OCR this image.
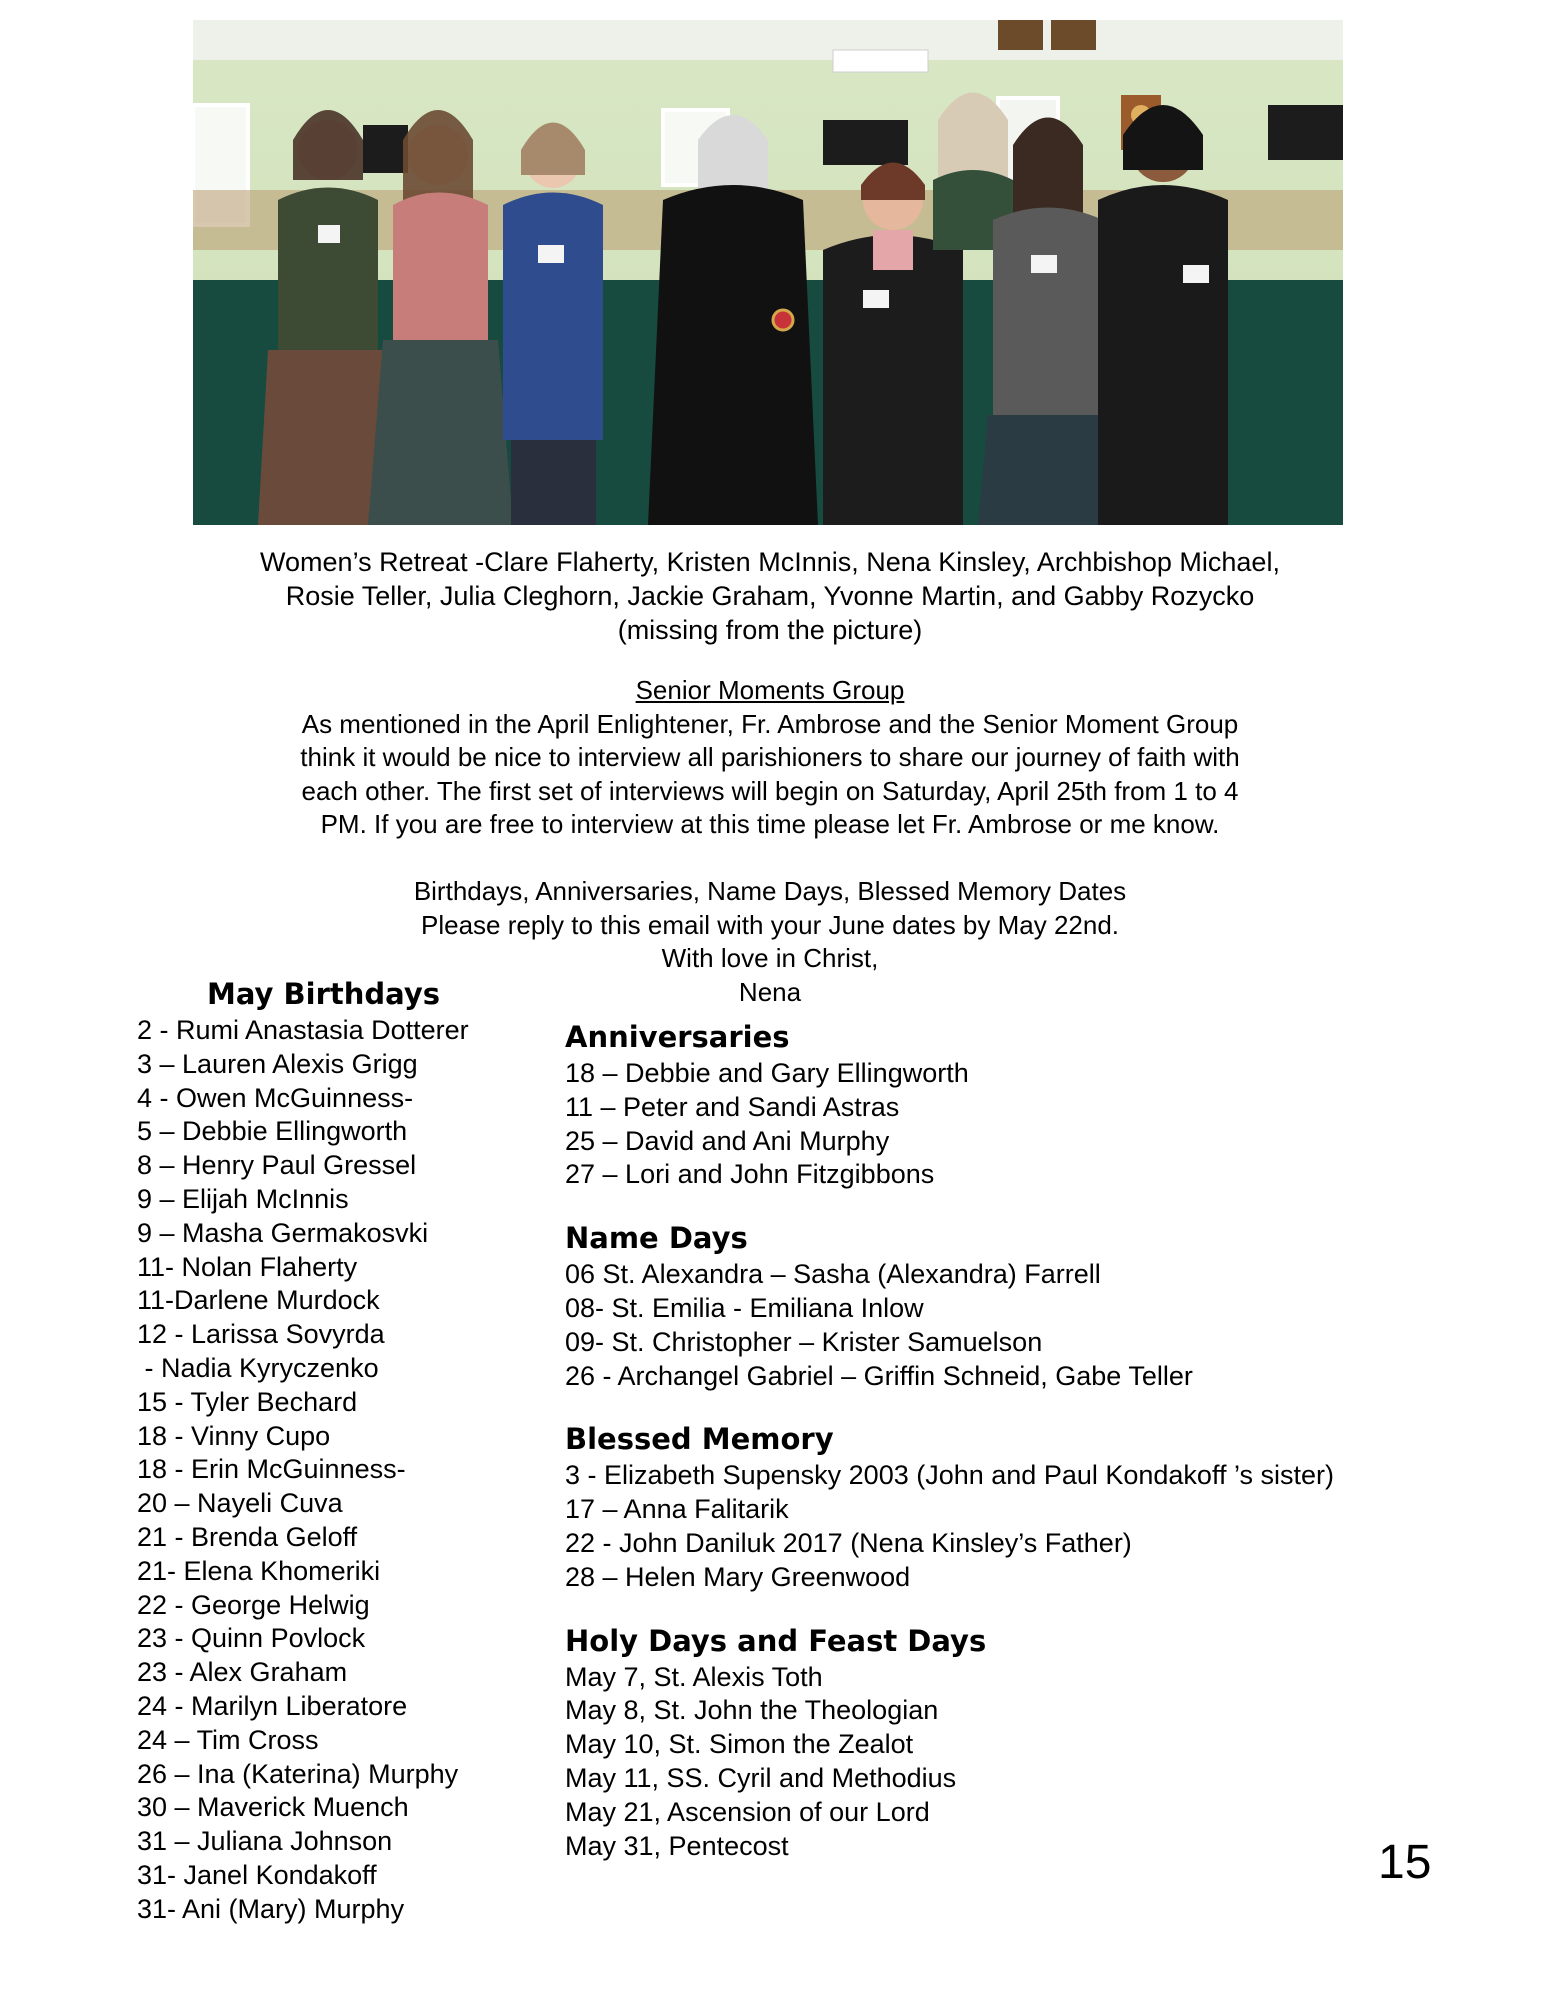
Women’s Retreat -Clare Flaherty, Kristen McInnis, Nena Kinsley, Archbishop Michael,
Rosie Teller, Julia Cleghorn, Jackie Graham, Yvonne Martin, and Gabby Rozycko
(missing from the picture)
Senior Moments Group
As mentioned in the April Enlightener, Fr. Ambrose and the Senior Moment Group
think it would be nice to interview all parishioners to share our journey of faith with
each other. The first set of interviews will begin on Saturday, April 25th from 1 to 4
PM. If you are free to interview at this time please let Fr. Ambrose or me know.
Birthdays, Anniversaries, Name Days, Blessed Memory Dates
Please reply to this email with your June dates by May 22nd.
With love in Christ,
Nena
May Birthdays
2 - Rumi Anastasia Dotterer
3 – Lauren Alexis Grigg
4 - Owen McGuinness-
5 – Debbie Ellingworth
8 – Henry Paul Gressel
9 – Elijah McInnis
9 – Masha Germakosvki
11- Nolan Flaherty
11-Darlene Murdock
12 - Larissa Sovyrda
- Nadia Kyryczenko
15 - Tyler Bechard
18 - Vinny Cupo
18 - Erin McGuinness-
20 – Nayeli Cuva
21 - Brenda Geloff
21- Elena Khomeriki
22 - George Helwig
23 - Quinn Povlock
23 - Alex Graham
24 - Marilyn Liberatore
24 – Tim Cross
26 – Ina (Katerina) Murphy
30 – Maverick Muench
31 – Juliana Johnson
31- Janel Kondakoff
31- Ani (Mary) Murphy
Anniversaries
18 – Debbie and Gary Ellingworth
11 – Peter and Sandi Astras
25 – David and Ani Murphy
27 – Lori and John Fitzgibbons
Name Days
06 St. Alexandra – Sasha (Alexandra) Farrell
08- St. Emilia - Emiliana Inlow
09- St. Christopher – Krister Samuelson
26 - Archangel Gabriel – Griffin Schneid, Gabe Teller
Blessed Memory
3 - Elizabeth Supensky 2003 (John and Paul Kondakoff ’s sister)
17 – Anna Falitarik
22 - John Daniluk 2017 (Nena Kinsley’s Father)
28 – Helen Mary Greenwood
Holy Days and Feast Days
May 7, St. Alexis Toth
May 8, St. John the Theologian
May 10, St. Simon the Zealot
May 11, SS. Cyril and Methodius
May 21, Ascension of our Lord
May 31, Pentecost	15
